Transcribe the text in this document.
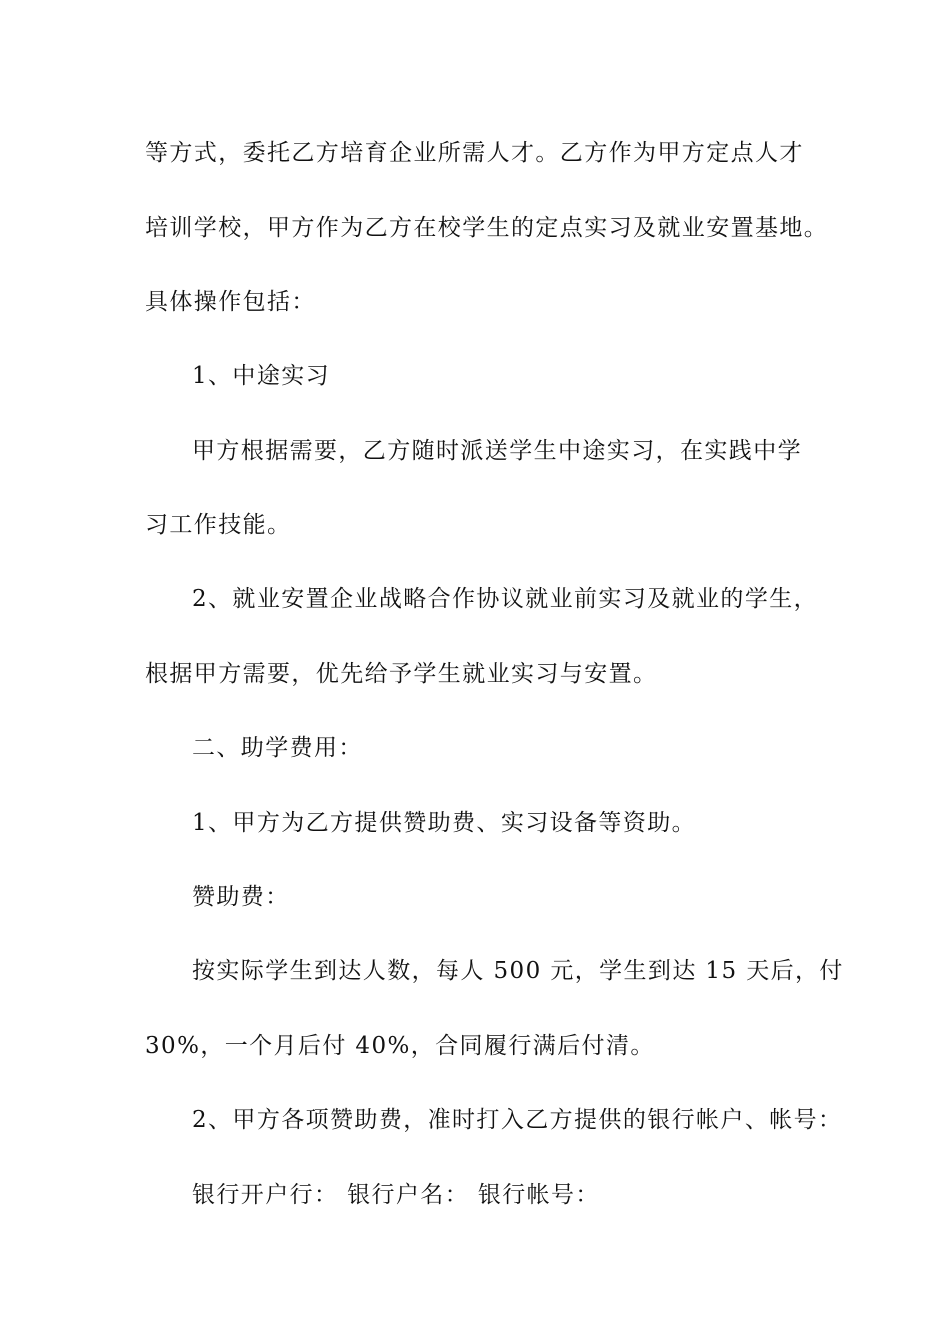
等方式，委托乙方培育企业所需人才。乙方作为甲方定点人才
培训学校，甲方作为乙方在校学生的定点实习及就业安置基地。
具体操作包括：
1、中途实习
甲方根据需要，乙方随时派送学生中途实习，在实践中学
习工作技能。
2、就业安置企业战略合作协议就业前实习及就业的学生，
根据甲方需要，优先给予学生就业实习与安置。
二、助学费用：
1、甲方为乙方提供赞助费、实习设备等资助。
赞助费：
按实际学生到达人数，每人 500 元，学生到达 15 天后，付
30%，一个月后付 40%，合同履行满后付清。
2、甲方各项赞助费，准时打入乙方提供的银行帐户、帐号：
银行开户行： 银行户名： 银行帐号：
